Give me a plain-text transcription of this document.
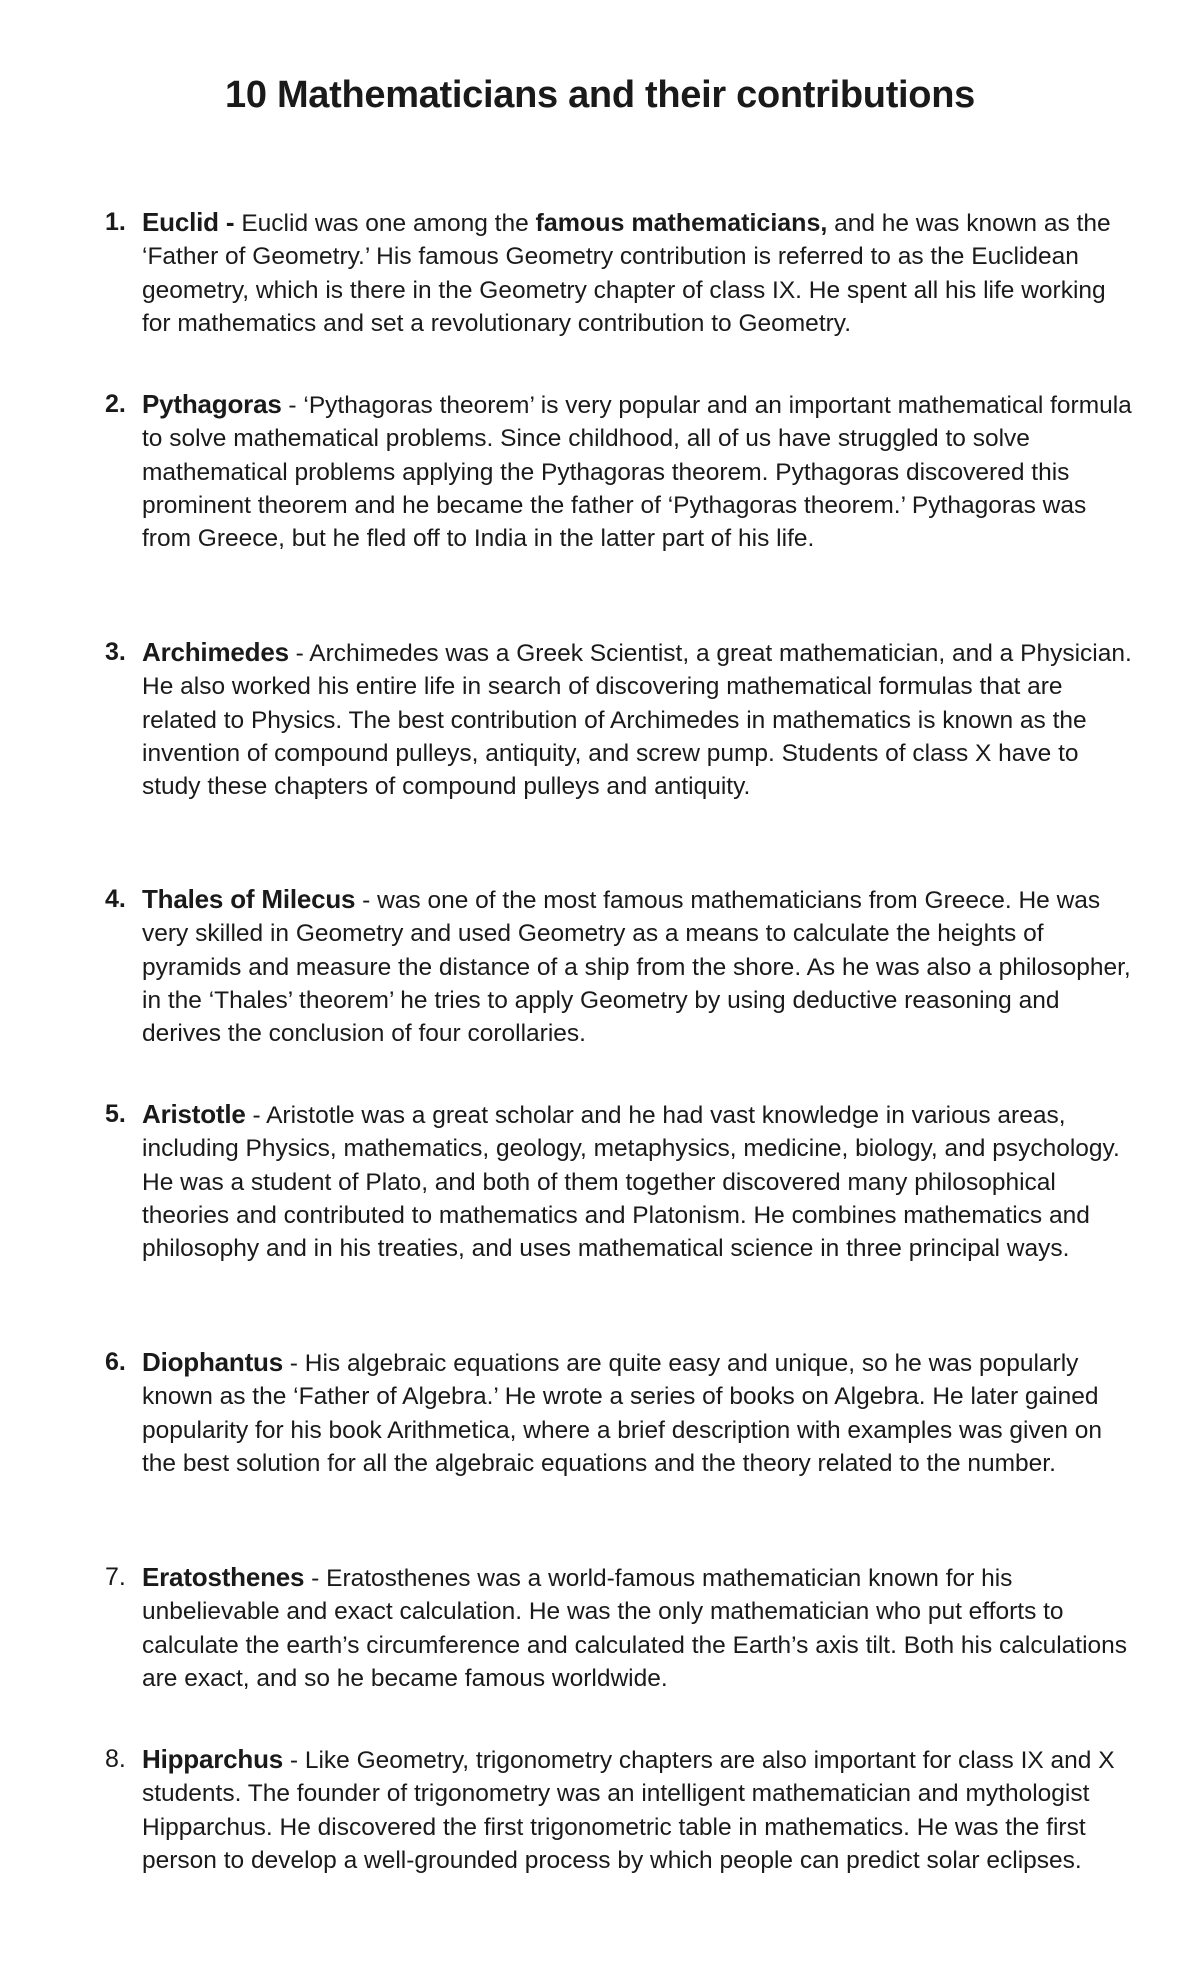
10 Mathematicians and their contributions
1. Euclid - Euclid was one among the famous mathematicians, and he was known as the ‘Father of Geometry.’ His famous Geometry contribution is referred to as the Euclidean geometry, which is there in the Geometry chapter of class IX. He spent all his life working for mathematics and set a revolutionary contribution to Geometry.
2. Pythagoras - ‘Pythagoras theorem’ is very popular and an important mathematical formula to solve mathematical problems. Since childhood, all of us have struggled to solve mathematical problems applying the Pythagoras theorem. Pythagoras discovered this prominent theorem and he became the father of ‘Pythagoras theorem.’ Pythagoras was from Greece, but he fled off to India in the latter part of his life.
3. Archimedes - Archimedes was a Greek Scientist, a great mathematician, and a Physician. He also worked his entire life in search of discovering mathematical formulas that are related to Physics. The best contribution of Archimedes in mathematics is known as the invention of compound pulleys, antiquity, and screw pump. Students of class X have to study these chapters of compound pulleys and antiquity.
4. Thales of Milecus - was one of the most famous mathematicians from Greece. He was very skilled in Geometry and used Geometry as a means to calculate the heights of pyramids and measure the distance of a ship from the shore. As he was also a philosopher, in the ‘Thales’ theorem’ he tries to apply Geometry by using deductive reasoning and derives the conclusion of four corollaries.
5. Aristotle - Aristotle was a great scholar and he had vast knowledge in various areas, including Physics, mathematics, geology, metaphysics, medicine, biology, and psychology. He was a student of Plato, and both of them together discovered many philosophical theories and contributed to mathematics and Platonism. He combines mathematics and philosophy and in his treaties, and uses mathematical science in three principal ways.
6. Diophantus - His algebraic equations are quite easy and unique, so he was popularly known as the ‘Father of Algebra.’ He wrote a series of books on Algebra. He later gained popularity for his book Arithmetica, where a brief description with examples was given on the best solution for all the algebraic equations and the theory related to the number.
7. Eratosthenes - Eratosthenes was a world-famous mathematician known for his unbelievable and exact calculation. He was the only mathematician who put efforts to calculate the earth’s circumference and calculated the Earth’s axis tilt. Both his calculations are exact, and so he became famous worldwide.
8. Hipparchus - Like Geometry, trigonometry chapters are also important for class IX and X students. The founder of trigonometry was an intelligent mathematician and mythologist Hipparchus. He discovered the first trigonometric table in mathematics. He was the first person to develop a well-grounded process by which people can predict solar eclipses.
